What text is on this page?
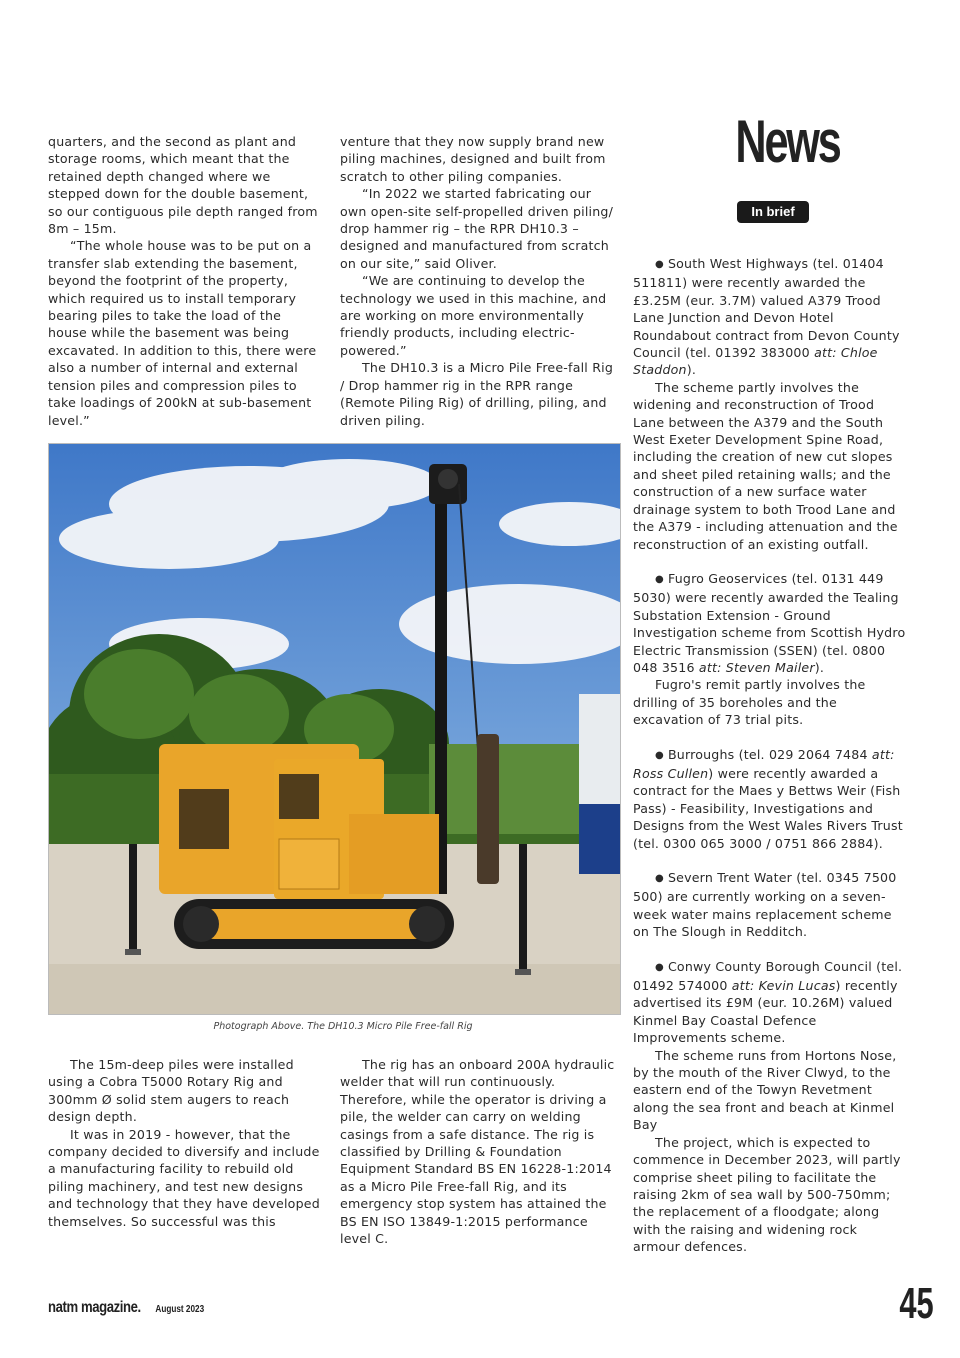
News
In brief

quarters, and the second as plant and storage rooms, which meant that the retained depth changed where we stepped down for the double basement, so our contiguous pile depth ranged from 8m – 15m.

“The whole house was to be put on a transfer slab extending the basement, beyond the footprint of the property, which required us to install temporary bearing piles to take the load of the house while the basement was being excavated. In addition to this, there were also a number of internal and external tension piles and compression piles to take loadings of 200kN at sub-basement level.”

venture that they now supply brand new piling machines, designed and built from scratch to other piling companies.

“In 2022 we started fabricating our own open-site self-propelled driven piling/ drop hammer rig – the RPR DH10.3 – designed and manufactured from scratch on our site,” said Oliver.

“We are continuing to develop the technology we used in this machine, and are working on more environmentally friendly products, including electric-powered.”

The DH10.3 is a Micro Pile Free-fall Rig / Drop hammer rig in the RPR range (Remote Piling Rig) of drilling, piling, and driven piling.

Photograph Above. The DH10.3 Micro Pile Free-fall Rig

The 15m-deep piles were installed using a Cobra T5000 Rotary Rig and 300mm Ø solid stem augers to reach design depth.

It was in 2019 - however, that the company decided to diversify and include a manufacturing facility to rebuild old piling machinery, and test new designs and technology that they have developed themselves. So successful was this

The rig has an onboard 200A hydraulic welder that will run continuously. Therefore, while the operator is driving a pile, the welder can carry on welding casings from a safe distance. The rig is classified by Drilling & Foundation Equipment Standard BS EN 16228-1:2014 as a Micro Pile Free-fall Rig, and its emergency stop system has attained the BS EN ISO 13849-1:2015 performance level C.

● South West Highways (tel. 01404 511811) were recently awarded the £3.25M (eur. 3.7M) valued A379 Trood Lane Junction and Devon Hotel Roundabout contract from Devon County Council (tel. 01392 383000 att: Chloe Staddon).

The scheme partly involves the widening and reconstruction of Trood Lane between the A379 and the South West Exeter Development Spine Road, including the creation of new cut slopes and sheet piled retaining walls; and the construction of a new surface water drainage system to both Trood Lane and the A379 - including attenuation and the reconstruction of an existing outfall.

● Fugro Geoservices (tel. 0131 449 5030) were recently awarded the Tealing Substation Extension - Ground Investigation scheme from Scottish Hydro Electric Transmission (SSEN) (tel. 0800 048 3516 att: Steven Mailer).

Fugro's remit partly involves the drilling of 35 boreholes and the excavation of 73 trial pits.

● Burroughs (tel. 029 2064 7484 att: Ross Cullen) were recently awarded a contract for the Maes y Bettws Weir (Fish Pass) - Feasibility, Investigations and Designs from the West Wales Rivers Trust (tel. 0300 065 3000 / 0751 866 2884).

● Severn Trent Water (tel. 0345 7500 500) are currently working on a seven-week water mains replacement scheme on The Slough in Redditch.

● Conwy County Borough Council (tel. 01492 574000 att: Kevin Lucas) recently advertised its £9M (eur. 10.26M) valued Kinmel Bay Coastal Defence Improvements scheme.

The scheme runs from Hortons Nose, by the mouth of the River Clwyd, to the eastern end of the Towyn Revetment along the sea front and beach at Kinmel Bay

The project, which is expected to commence in December 2023, will partly comprise sheet piling to facilitate the raising 2km of sea wall by 500-750mm; the replacement of a floodgate; along with the raising and widening rock armour defences.

natm magazine. August 2023	45
